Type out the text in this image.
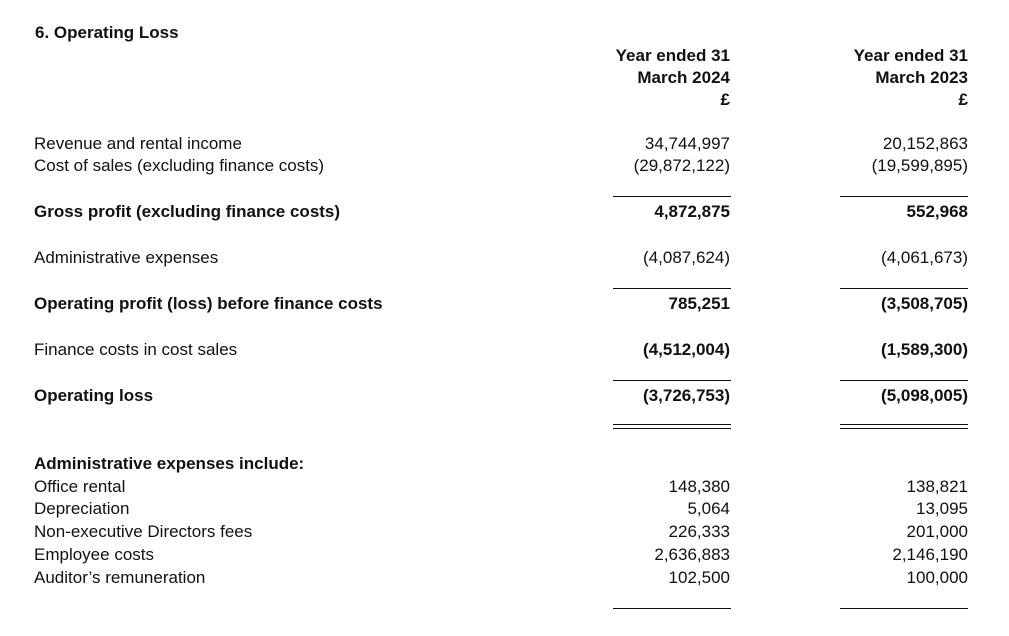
6. Operating Loss
Year ended 31
March 2024
£
Year ended 31
March 2023
£
Revenue and rental income	34,744,997	20,152,863
Cost of sales (excluding finance costs)	(29,872,122)	(19,599,895)
Gross profit (excluding finance costs)	4,872,875	552,968
Administrative expenses	(4,087,624)	(4,061,673)
Operating profit (loss) before finance costs	785,251	(3,508,705)
Finance costs in cost sales	(4,512,004)	(1,589,300)
Operating loss	(3,726,753)	(5,098,005)
Administrative expenses include:
Office rental	148,380	138,821
Depreciation	5,064	13,095
Non-executive Directors fees	226,333	201,000
Employee costs	2,636,883	2,146,190
Auditor’s remuneration	102,500	100,000
